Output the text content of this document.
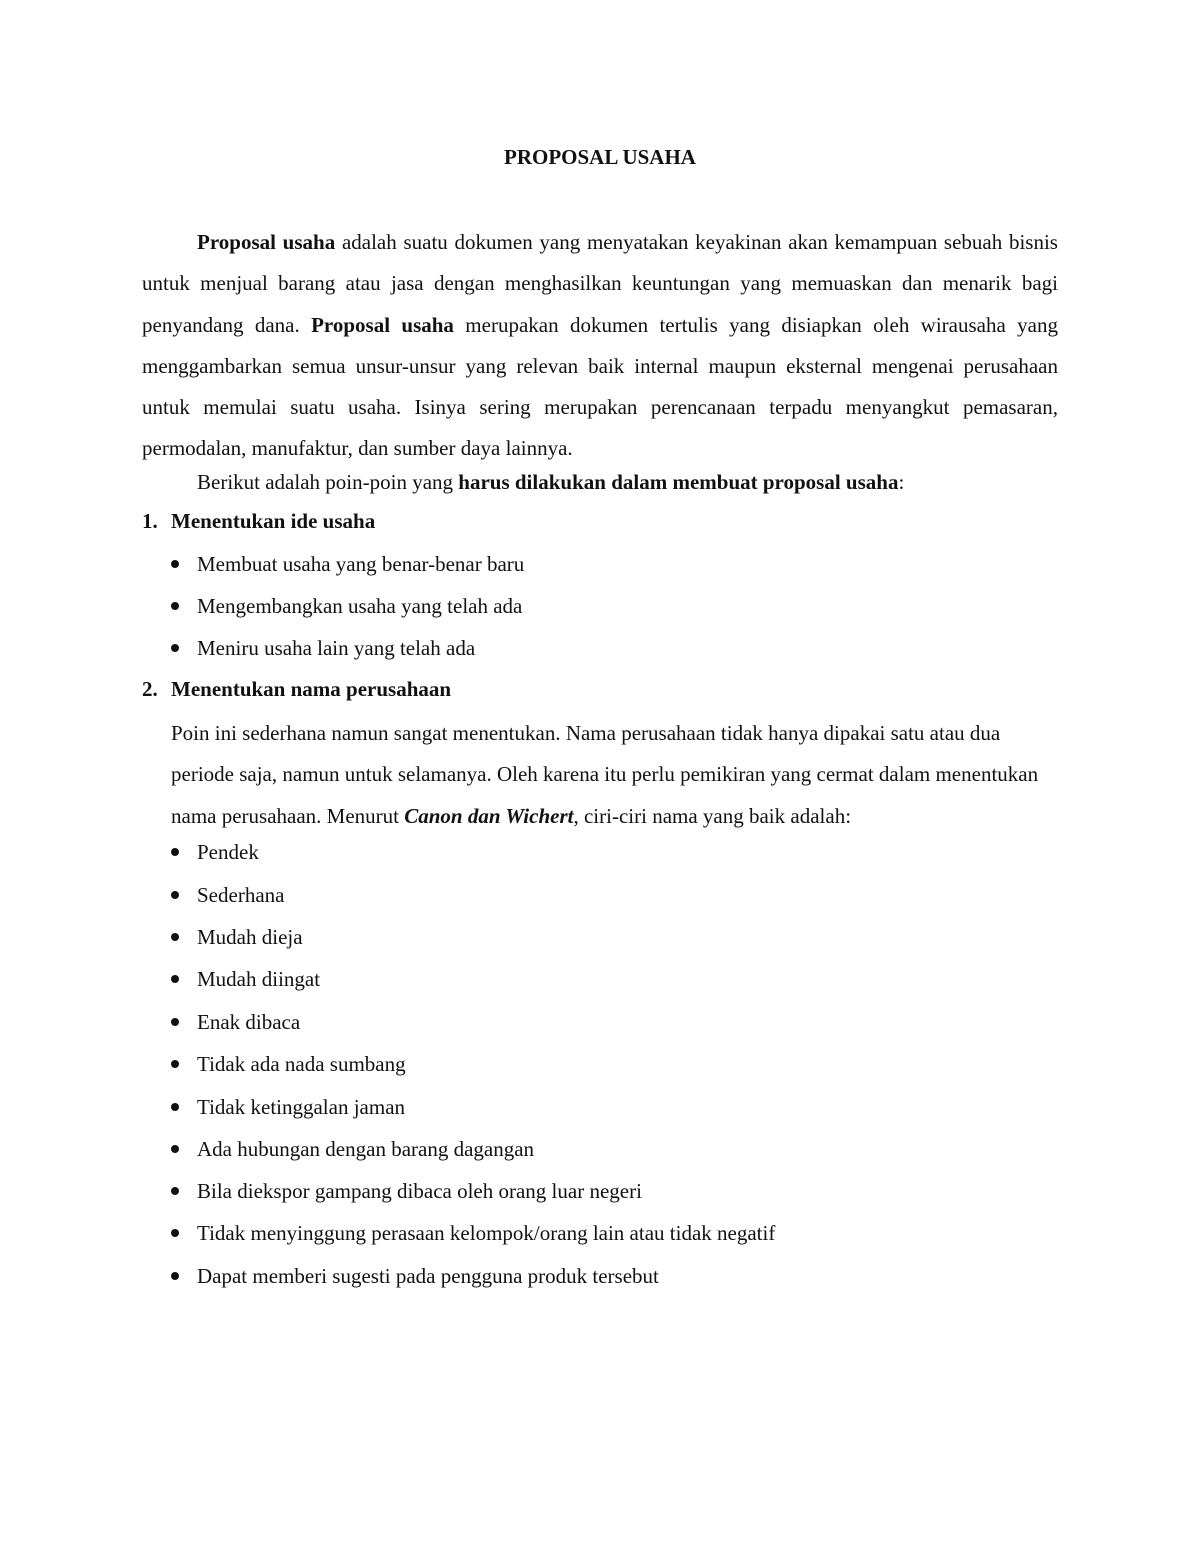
PROPOSAL USAHA

Proposal usaha adalah suatu dokumen yang menyatakan keyakinan akan kemampuan sebuah bisnis untuk menjual barang atau jasa dengan menghasilkan keuntungan yang memuaskan dan menarik bagi penyandang dana. Proposal usaha merupakan dokumen tertulis yang disiapkan oleh wirausaha yang menggambarkan semua unsur-unsur yang relevan baik internal maupun eksternal mengenai perusahaan untuk memulai suatu usaha. Isinya sering merupakan perencanaan terpadu menyangkut pemasaran, permodalan, manufaktur, dan sumber daya lainnya.

Berikut adalah poin-poin yang harus dilakukan dalam membuat proposal usaha:
1. Menentukan ide usaha
Membuat usaha yang benar-benar baru
Mengembangkan usaha yang telah ada
Meniru usaha lain yang telah ada
2. Menentukan nama perusahaan

Poin ini sederhana namun sangat menentukan. Nama perusahaan tidak hanya dipakai satu atau dua periode saja, namun untuk selamanya. Oleh karena itu perlu pemikiran yang cermat dalam menentukan nama perusahaan. Menurut Canon dan Wichert, ciri-ciri nama yang baik adalah:

Pendek
Sederhana
Mudah dieja
Mudah diingat
Enak dibaca
Tidak ada nada sumbang
Tidak ketinggalan jaman
Ada hubungan dengan barang dagangan
Bila diekspor gampang dibaca oleh orang luar negeri
Tidak menyinggung perasaan kelompok/orang lain atau tidak negatif
Dapat memberi sugesti pada pengguna produk tersebut
